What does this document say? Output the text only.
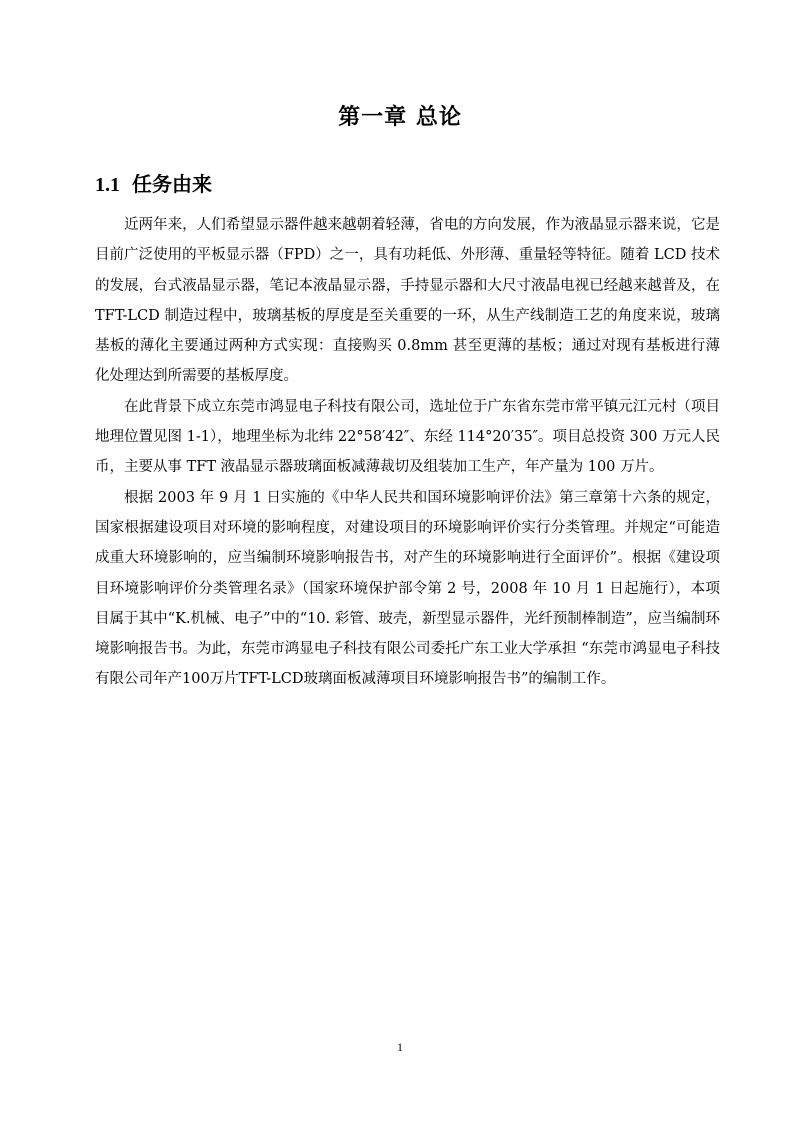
第一章 总论
1.1 任务由来

近两年来，人们希望显示器件越来越朝着轻薄，省电的方向发展，作为液晶显示器来说，它是目前广泛使用的平板显示器（FPD）之一，具有功耗低、外形薄、重量轻等特征。随着 LCD 技术的发展，台式液晶显示器，笔记本液晶显示器，手持显示器和大尺寸液晶电视已经越来越普及，在 TFT-LCD 制造过程中，玻璃基板的厚度是至关重要的一环，从生产线制造工艺的角度来说，玻璃基板的薄化主要通过两种方式实现：直接购买 0.8mm 甚至更薄的基板；通过对现有基板进行薄化处理达到所需要的基板厚度。

在此背景下成立东莞市鸿显电子科技有限公司，选址位于广东省东莞市常平镇元江元村（项目地理位置见图 1-1），地理坐标为北纬 22°58′42″、东经 114°20′35″。项目总投资 300 万元人民币，主要从事 TFT 液晶显示器玻璃面板减薄裁切及组装加工生产，年产量为 100 万片。

根据 2003 年 9 月 1 日实施的《中华人民共和国环境影响评价法》第三章第十六条的规定，国家根据建设项目对环境的影响程度，对建设项目的环境影响评价实行分类管理。并规定“可能造成重大环境影响的，应当编制环境影响报告书，对产生的环境影响进行全面评价”。根据《建设项目环境影响评价分类管理名录》（国家环境保护部令第 2 号，2008 年 10 月 1 日起施行），本项目属于其中“K.机械、电子”中的“10. 彩管、玻壳，新型显示器件，光纤预制棒制造”，应当编制环境影响报告书。为此，东莞市鸿显电子科技有限公司委托广东工业大学承担 “东莞市鸿显电子科技有限公司年产100万片TFT-LCD玻璃面板减薄项目环境影响报告书”的编制工作。

1
